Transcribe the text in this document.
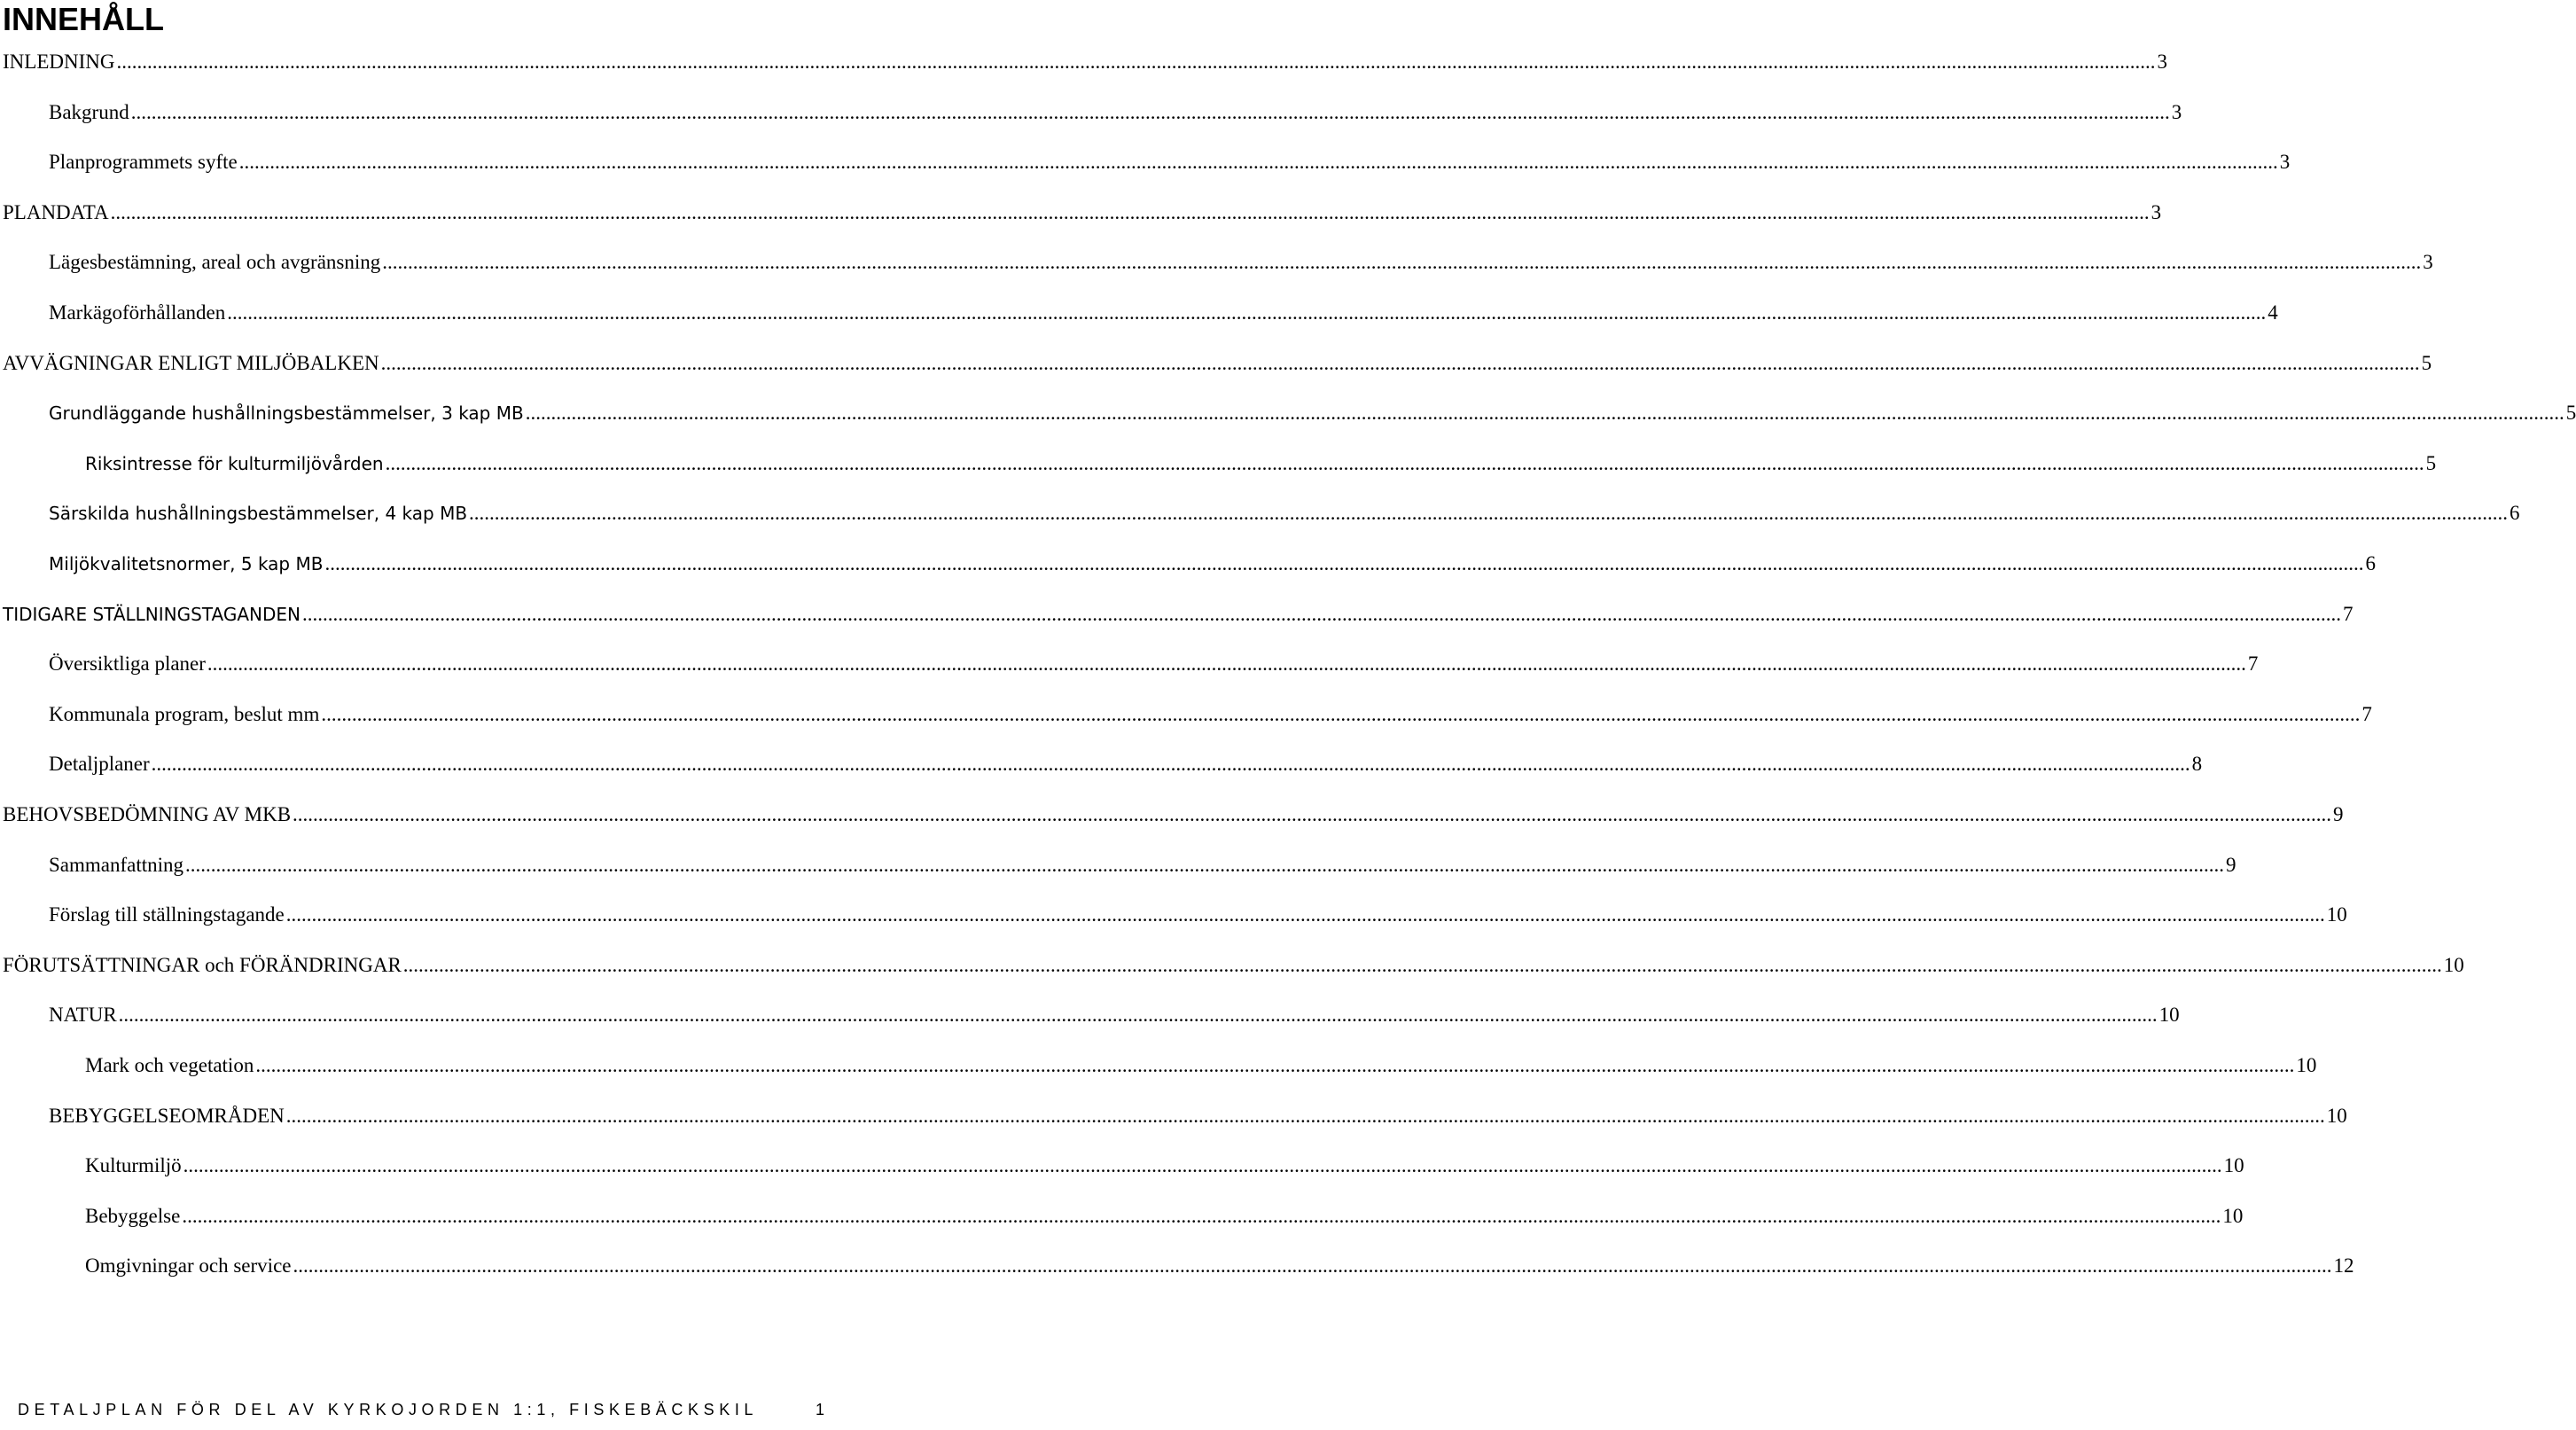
INNEHÅLL
INLEDNING ................................................................................................................................................................................................................................................................................................................................................................................................................ 3
Bakgrund ................................................................................................................................................................................................................................................................................................................................................................................................................ 3
Planprogrammets syfte ................................................................................................................................................................................................................................................................................................................................................................................................................ 3
PLANDATA ................................................................................................................................................................................................................................................................................................................................................................................................................ 3
Lägesbestämning, areal och avgränsning ................................................................................................................................................................................................................................................................................................................................................................................................................ 3
Markägoförhållanden ................................................................................................................................................................................................................................................................................................................................................................................................................ 4
AVVÄGNINGAR ENLIGT MILJÖBALKEN ................................................................................................................................................................................................................................................................................................................................................................................................................ 5
Grundläggande hushållningsbestämmelser, 3 kap MB ................................................................................................................................................................................................................................................................................................................................................................................................................ 5
Riksintresse för kulturmiljövården ................................................................................................................................................................................................................................................................................................................................................................................................................ 5
Särskilda hushållningsbestämmelser, 4 kap MB ................................................................................................................................................................................................................................................................................................................................................................................................................ 6
Miljökvalitetsnormer, 5 kap MB ................................................................................................................................................................................................................................................................................................................................................................................................................ 6
TIDIGARE STÄLLNINGSTAGANDEN ................................................................................................................................................................................................................................................................................................................................................................................................................ 7
Översiktliga planer ................................................................................................................................................................................................................................................................................................................................................................................................................ 7
Kommunala program, beslut mm ................................................................................................................................................................................................................................................................................................................................................................................................................ 7
Detaljplaner ................................................................................................................................................................................................................................................................................................................................................................................................................ 8
BEHOVSBEDÖMNING AV MKB ................................................................................................................................................................................................................................................................................................................................................................................................................ 9
Sammanfattning ................................................................................................................................................................................................................................................................................................................................................................................................................ 9
Förslag till ställningstagande ................................................................................................................................................................................................................................................................................................................................................................................................................ 10
FÖRUTSÄTTNINGAR och FÖRÄNDRINGAR ................................................................................................................................................................................................................................................................................................................................................................................................................ 10
NATUR ................................................................................................................................................................................................................................................................................................................................................................................................................ 10
Mark och vegetation ................................................................................................................................................................................................................................................................................................................................................................................................................ 10
BEBYGGELSEOMRÅDEN ................................................................................................................................................................................................................................................................................................................................................................................................................ 10
Kulturmiljö ................................................................................................................................................................................................................................................................................................................................................................................................................ 10
Bebyggelse ................................................................................................................................................................................................................................................................................................................................................................................................................ 10
Omgivningar och service ................................................................................................................................................................................................................................................................................................................................................................................................................ 12
DETALJPLAN FÖR DEL AV KYRKOJORDEN 1:1, FISKEBÄCKSKIL	1
